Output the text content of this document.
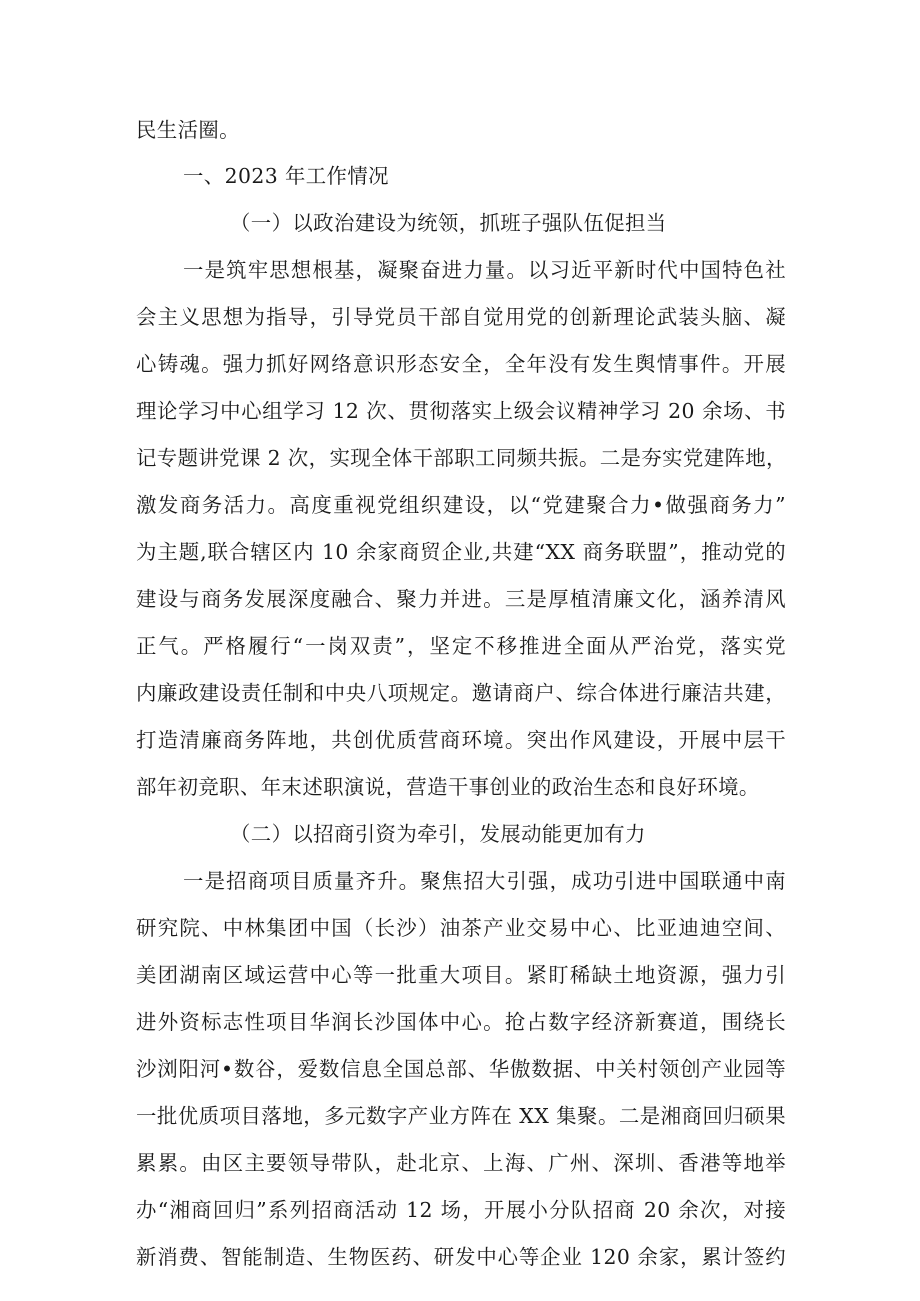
民生活圈。
一、2023 年工作情况
（一）以政治建设为统领，抓班子强队伍促担当
一是筑牢思想根基，凝聚奋进力量。以习近平新时代中国特色社
会主义思想为指导，引导党员干部自觉用党的创新理论武装头脑、凝
心铸魂。强力抓好网络意识形态安全，全年没有发生舆情事件。开展
理论学习中心组学习 12 次、贯彻落实上级会议精神学习 20 余场、书
记专题讲党课 2 次，实现全体干部职工同频共振。二是夯实党建阵地，
激发商务活力。高度重视党组织建设，以“党建聚合力•做强商务力”
为主题,联合辖区内 10 余家商贸企业,共建“XX 商务联盟”，推动党的
建设与商务发展深度融合、聚力并进。三是厚植清廉文化，涵养清风
正气。严格履行“一岗双责”，坚定不移推进全面从严治党，落实党
内廉政建设责任制和中央八项规定。邀请商户、综合体进行廉洁共建，
打造清廉商务阵地，共创优质营商环境。突出作风建设，开展中层干
部年初竞职、年末述职演说，营造干事创业的政治生态和良好环境。
（二）以招商引资为牵引，发展动能更加有力
一是招商项目质量齐升。聚焦招大引强，成功引进中国联通中南
研究院、中林集团中国（长沙）油茶产业交易中心、比亚迪迪空间、
美团湖南区域运营中心等一批重大项目。紧盯稀缺土地资源，强力引
进外资标志性项目华润长沙国体中心。抢占数字经济新赛道，围绕长
沙浏阳河•数谷，爱数信息全国总部、华傲数据、中关村领创产业园等
一批优质项目落地，多元数字产业方阵在 XX 集聚。二是湘商回归硕果
累累。由区主要领导带队，赴北京、上海、广州、深圳、香港等地举
办“湘商回归”系列招商活动 12 场，开展小分队招商 20 余次，对接
新消费、智能制造、生物医药、研发中心等企业 120 余家，累计签约
